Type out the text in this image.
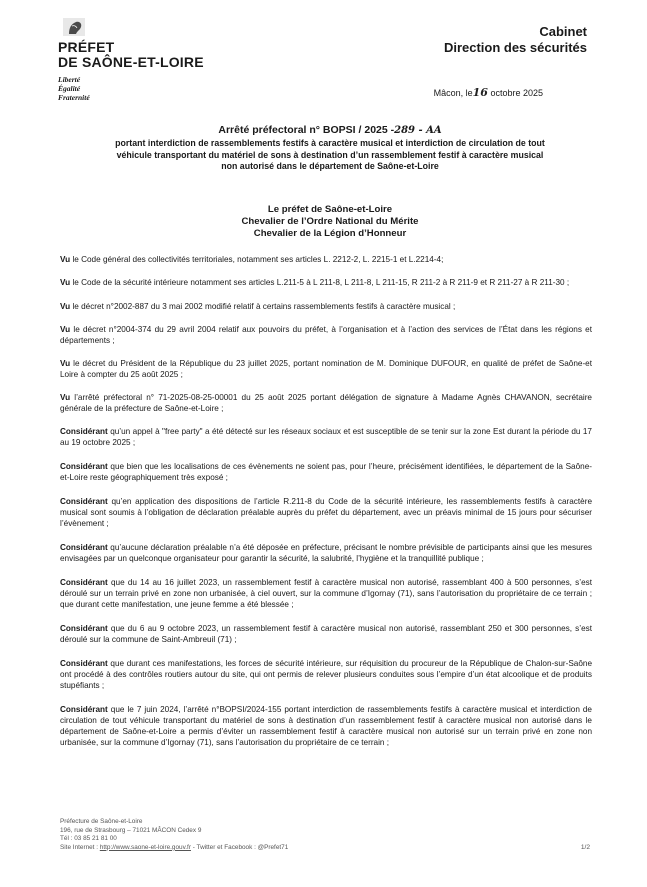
PRÉFET
DE SAÔNE-ET-LOIRE
Liberté
Égalité
Fraternité
Cabinet
Direction des sécurités
Mâcon, le16 octobre 2025
Arrêté préfectoral n° BOPSI / 2025 -289 - AA
portant interdiction de rassemblements festifs à caractère musical et interdiction de circulation de tout
véhicule transportant du matériel de sons à destination d’un rassemblement festif à caractère musical
non autorisé dans le département de Saône-et-Loire
Le préfet de Saône-et-Loire
Chevalier de l’Ordre National du Mérite
Chevalier de la Légion d’Honneur

Vu le Code général des collectivités territoriales, notamment ses articles L. 2212-2, L. 2215-1 et L.2214-4;

Vu le Code de la sécurité intérieure notamment ses articles L.211-5 à L 211-8, L 211-8, L 211-15, R 211-2 à R 211-9 et R 211-27 à R 211-30 ;

Vu le décret n°2002-887 du 3 mai 2002 modifié relatif à certains rassemblements festifs à caractère musical ;

Vu le décret n°2004-374 du 29 avril 2004 relatif aux pouvoirs du préfet, à l’organisation et à l’action des services de l’État dans les régions et départements ;

Vu le décret du Président de la République du 23 juillet 2025, portant nomination de M. Dominique DUFOUR, en qualité de préfet de Saône-et Loire à compter du 25 août 2025 ;

Vu l’arrêté préfectoral n° 71-2025-08-25-00001 du 25 août 2025 portant délégation de signature à Madame Agnès CHAVANON, secrétaire générale de la préfecture de Saône-et-Loire ;

Considérant qu’un appel à "free party" a été détecté sur les réseaux sociaux et est susceptible de se tenir sur la zone Est durant la période du 17 au 19 octobre 2025 ;

Considérant que bien que les localisations de ces évènements ne soient pas, pour l’heure, précisément identifiées, le département de la Saône-et-Loire reste géographiquement très exposé ;

Considérant qu’en application des dispositions de l’article R.211-8 du Code de la sécurité intérieure, les rassemblements festifs à caractère musical sont soumis à l’obligation de déclaration préalable auprès du préfet du département, avec un préavis minimal de 15 jours pour sécuriser l’évènement ;

Considérant qu’aucune déclaration préalable n’a été déposée en préfecture, précisant le nombre prévisible de participants ainsi que les mesures envisagées par un quelconque organisateur pour garantir la sécurité, la salubrité, l’hygiène et la tranquillité publique ;

Considérant que du 14 au 16 juillet 2023, un rassemblement festif à caractère musical non autorisé, rassemblant 400 à 500 personnes, s’est déroulé sur un terrain privé en zone non urbanisée, à ciel ouvert, sur la commune d’Igornay (71), sans l’autorisation du propriétaire de ce terrain ; que durant cette manifestation, une jeune femme a été blessée ;

Considérant que du 6 au 9 octobre 2023, un rassemblement festif à caractère musical non autorisé, rassemblant 250 et 300 personnes, s’est déroulé sur la commune de Saint-Ambreuil (71) ;

Considérant que durant ces manifestations, les forces de sécurité intérieure, sur réquisition du procureur de la République de Chalon-sur-Saône ont procédé à des contrôles routiers autour du site, qui ont permis de relever plusieurs conduites sous l’empire d’un état alcoolique et de produits stupéfiants ;

Considérant que le 7 juin 2024, l’arrêté n°BOPSI/2024-155 portant interdiction de rassemblements festifs à caractère musical et interdiction de circulation de tout véhicule transportant du matériel de sons à destination d’un rassemblement festif à caractère musical non autorisé dans le département de Saône-et-Loire a permis d’éviter un rassemblement festif à caractère musical non autorisé sur un terrain privé en zone non urbanisée, sur la commune d’Igornay (71), sans l’autorisation du propriétaire de ce terrain ;

Préfecture de Saône-et-Loire
196, rue de Strasbourg – 71021 MÂCON Cedex 9
Tél : 03 85 21 81 00
Site Internet : http://www.saone-et-loire.gouv.fr - Twitter et Facebook : @Prefet71	1/2
